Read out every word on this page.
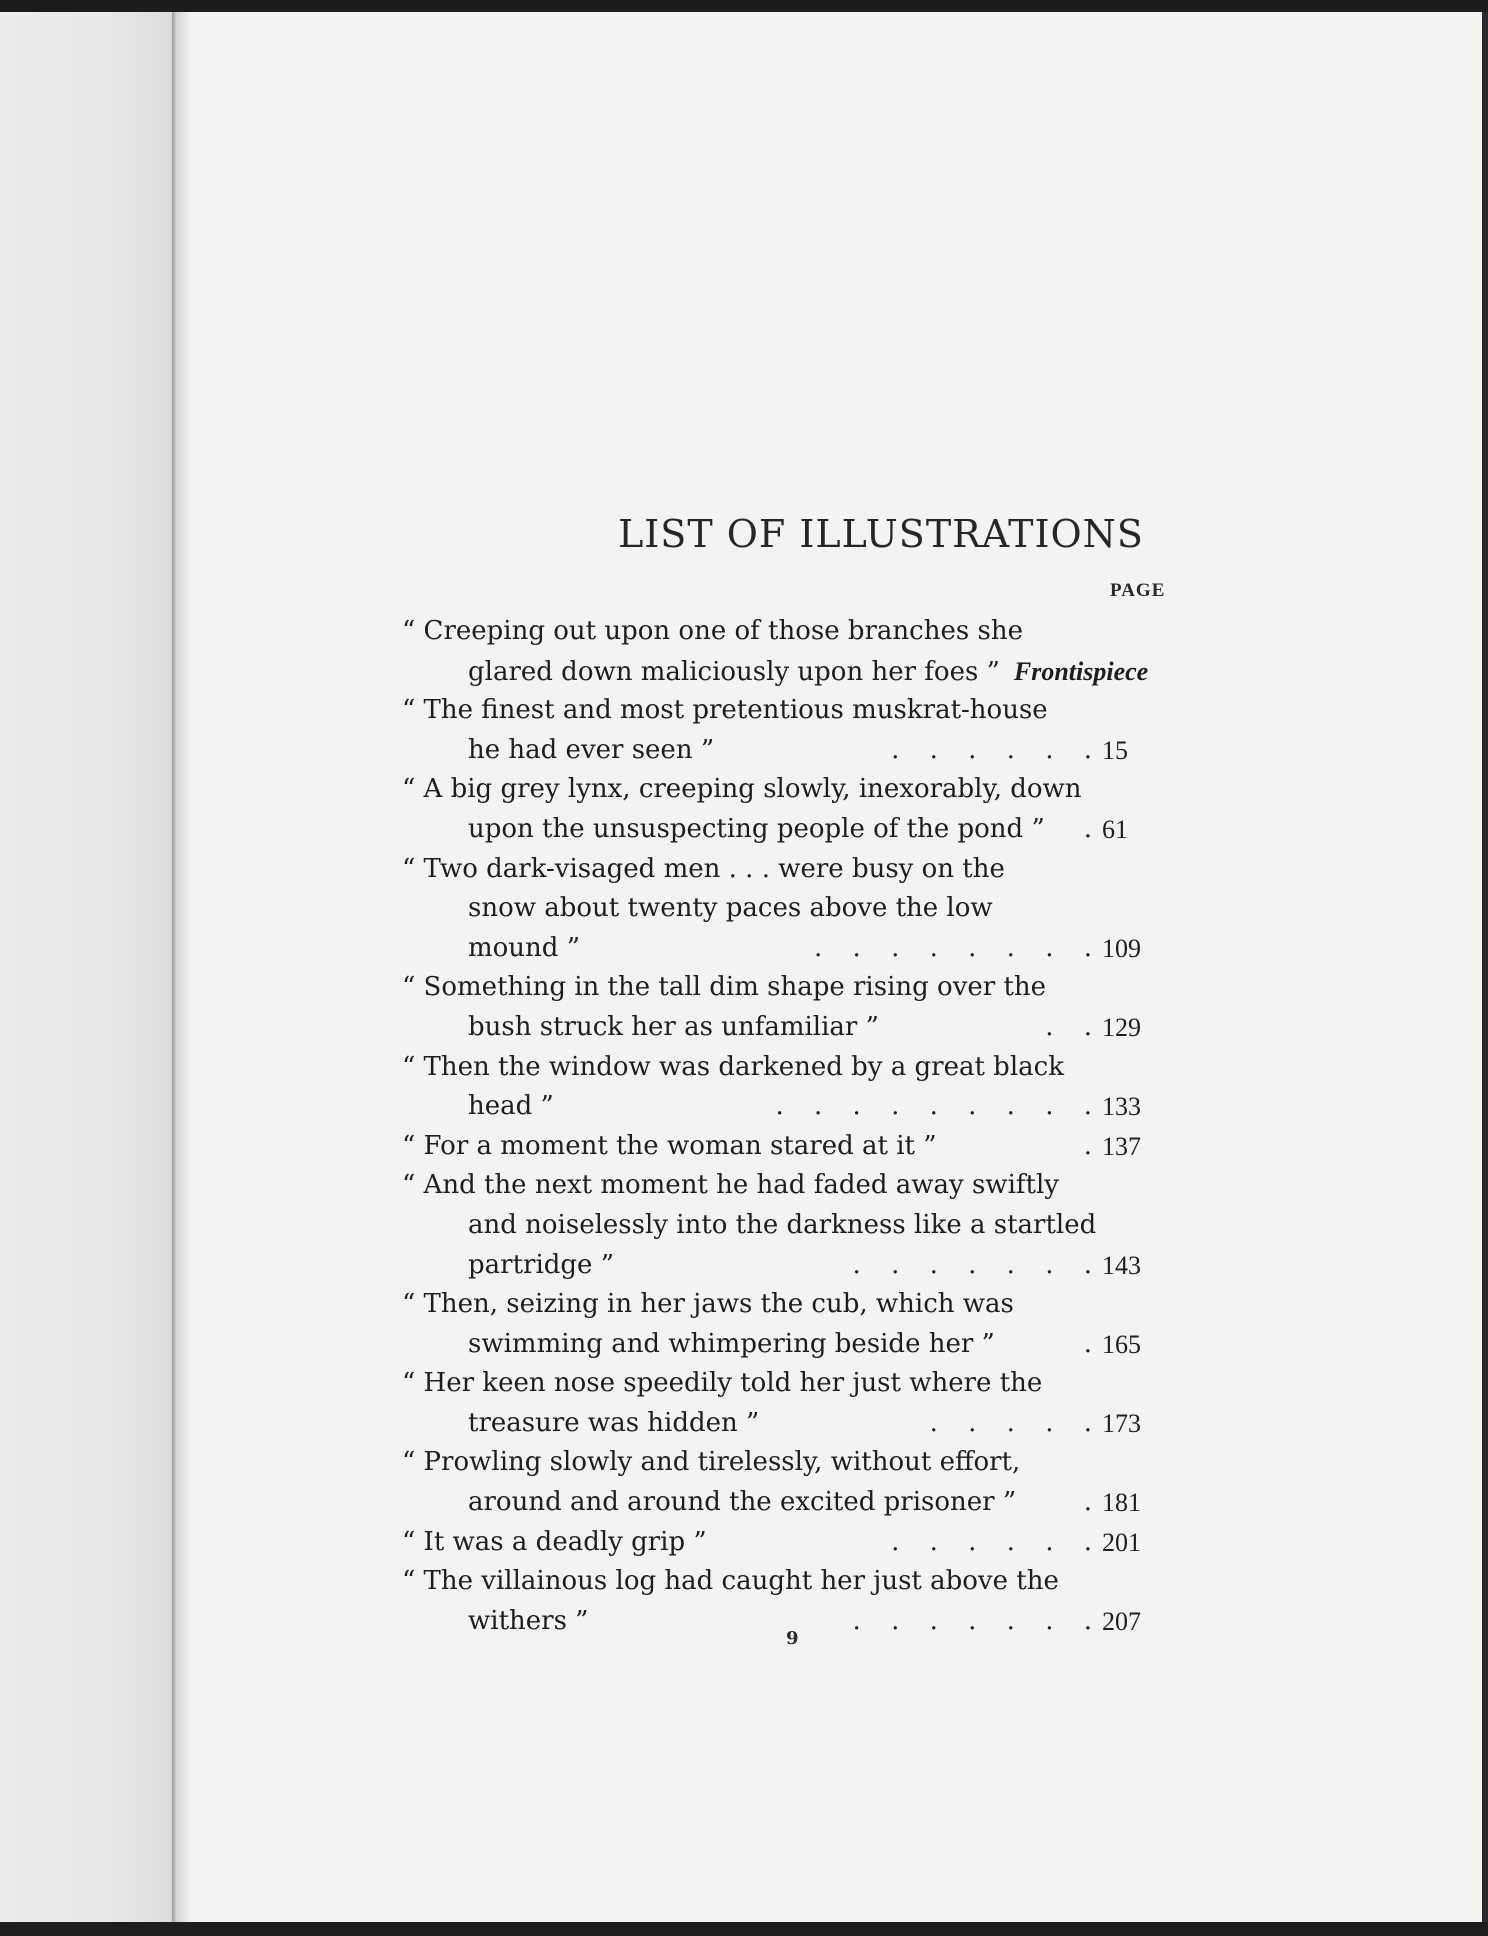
LIST OF ILLUSTRATIONS
PAGE
“ Creeping out upon one of those branches she
glared down maliciously upon her foes ” Frontispiece
“ The finest and most pretentious muskrat-house
he had ever seen ”	. . . . . . 15
“ A big grey lynx, creeping slowly, inexorably, down
upon the unsuspecting people of the pond ” . 61
“ Two dark-visaged men . . . were busy on the
snow about twenty paces above the low
mound ”	. . . . . . . . 109
“ Something in the tall dim shape rising over the
bush struck her as unfamiliar ”	. . 129
“ Then the window was darkened by a great black
head ”	. . . . . . . . . 133
“ For a moment the woman stared at it ”	. 137
“ And the next moment he had faded away swiftly
and noiselessly into the darkness like a startled
partridge ”	. . . . . . . 143
“ Then, seizing in her jaws the cub, which was
swimming and whimpering beside her ”	. 165
“ Her keen nose speedily told her just where the
treasure was hidden ”	. . . . . 173
“ Prowling slowly and tirelessly, without effort,
around and around the excited prisoner ”	. 181
“ It was a deadly grip ”	. . . . . . 201
“ The villainous log had caught her just above the
withers ”	. . . . . . . 207
9
